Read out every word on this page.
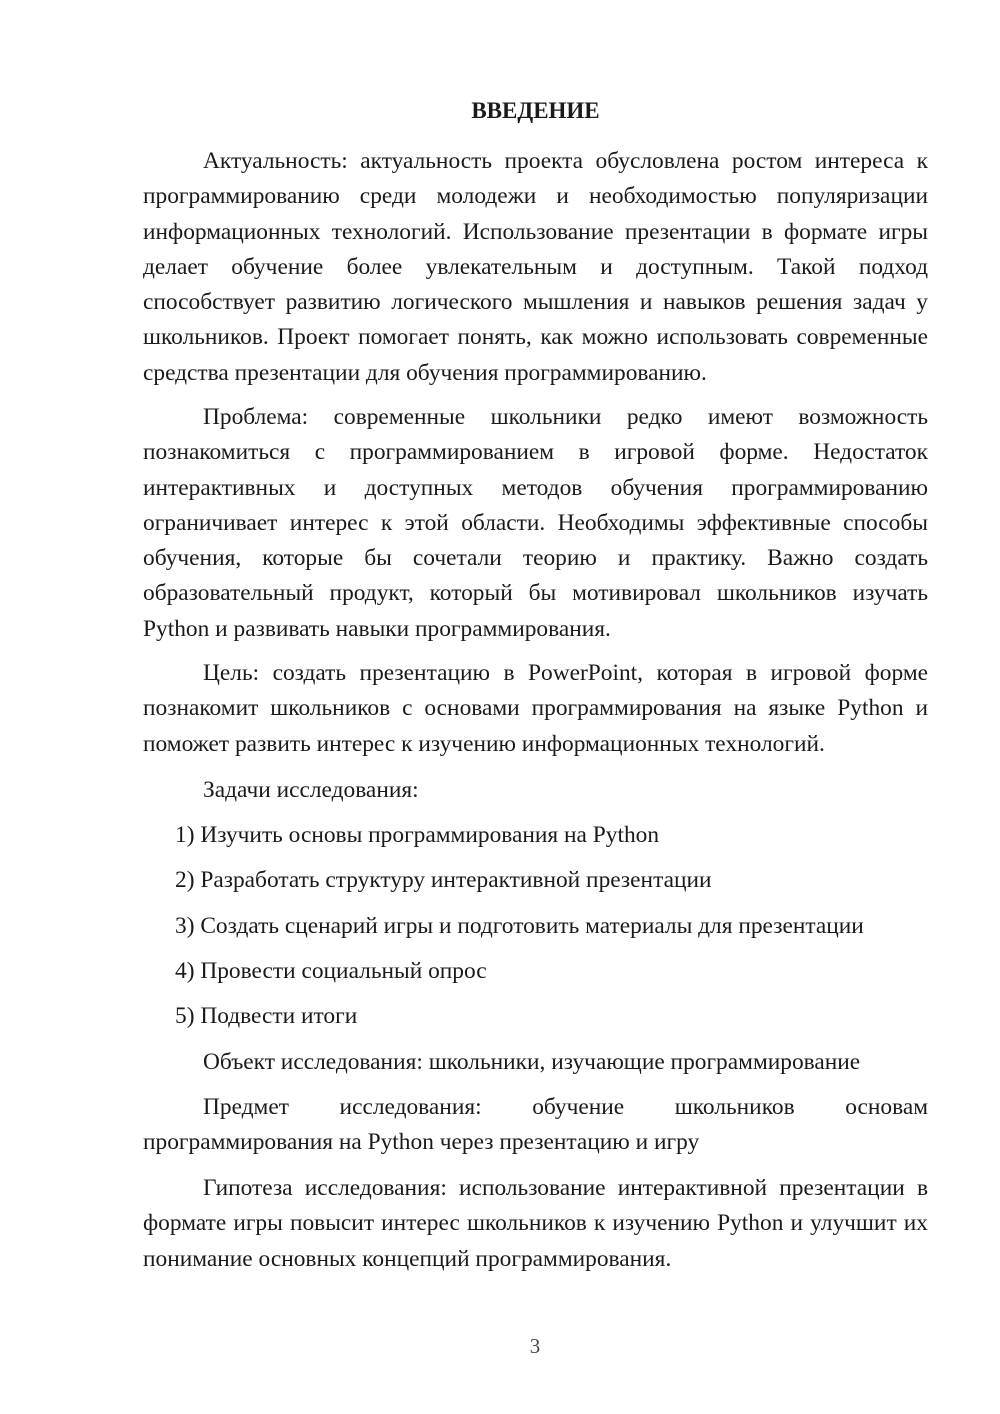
ВВЕДЕНИЕ

Актуальность: актуальность проекта обусловлена ростом интереса к программированию среди молодежи и необходимостью популяризации информационных технологий. Использование презентации в формате игры делает обучение более увлекательным и доступным. Такой подход способствует развитию логического мышления и навыков решения задач у школьников. Проект помогает понять, как можно использовать современные средства презентации для обучения программированию.

Проблема: современные школьники редко имеют возможность познакомиться с программированием в игровой форме. Недостаток интерактивных и доступных методов обучения программированию ограничивает интерес к этой области. Необходимы эффективные способы обучения, которые бы сочетали теорию и практику. Важно создать образовательный продукт, который бы мотивировал школьников изучать Python и развивать навыки программирования.

Цель: создать презентацию в PowerPoint, которая в игровой форме познакомит школьников с основами программирования на языке Python и поможет развить интерес к изучению информационных технологий.

Задачи исследования:

1) Изучить основы программирования на Python

2) Разработать структуру интерактивной презентации

3) Создать сценарий игры и подготовить материалы для презентации

4) Провести социальный опрос

5) Подвести итоги

Объект исследования: школьники, изучающие программирование

Предмет исследования: обучение школьников основам программирования на Python через презентацию и игру

Гипотеза исследования: использование интерактивной презентации в формате игры повысит интерес школьников к изучению Python и улучшит их понимание основных концепций программирования.

3
